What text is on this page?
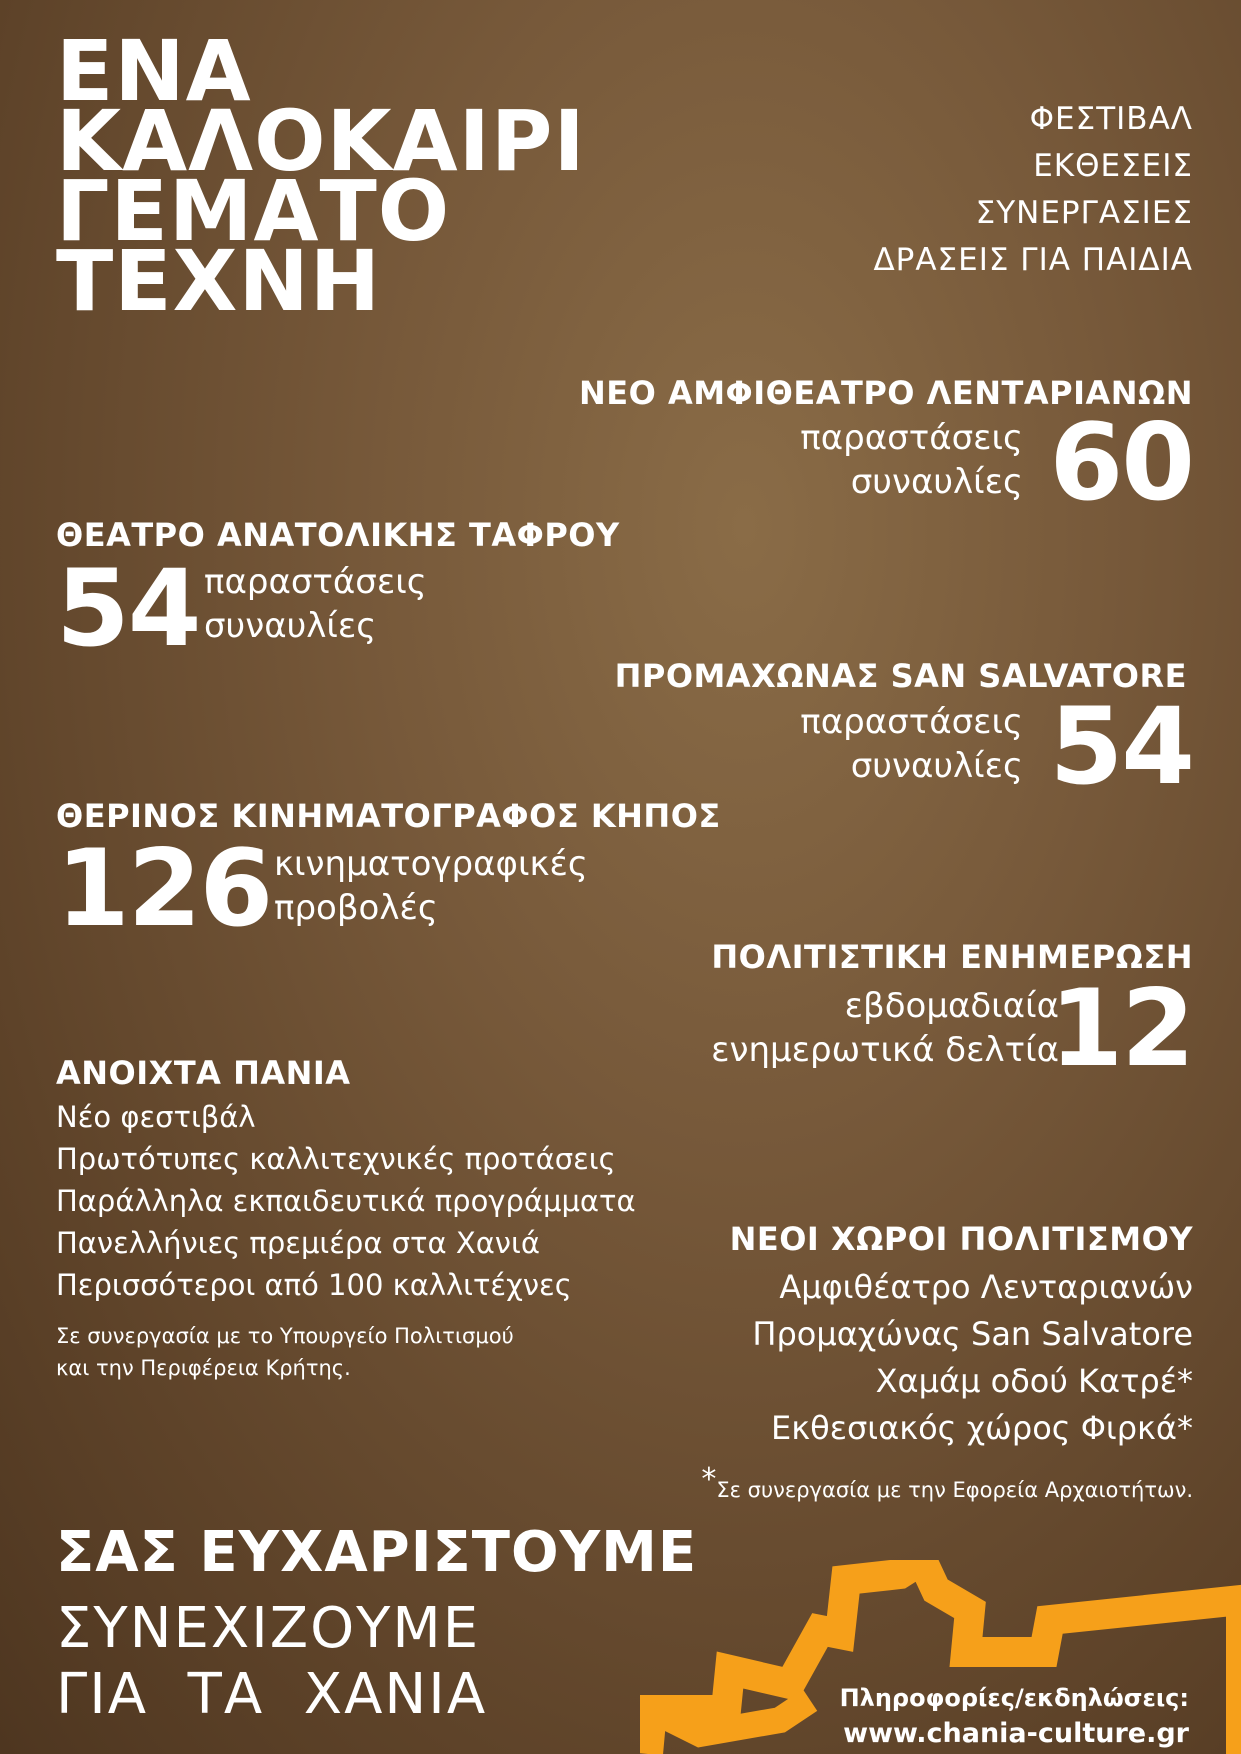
ΕΝΑ
ΚΑΛΟΚΑΙΡΙ
ΓΕΜΑΤΟ
ΤΕΧΝΗ
ΦΕΣΤΙΒΑΛ
ΕΚΘΕΣΕΙΣ
ΣΥΝΕΡΓΑΣΙΕΣ
ΔΡΑΣΕΙΣ ΓΙΑ ΠΑΙΔΙΑ
ΝΕΟ ΑΜΦΙΘΕΑΤΡΟ ΛΕΝΤΑΡΙΑΝΩΝ
παραστάσεις
συναυλίες 60
ΘΕΑΤΡΟ ΑΝΑΤΟΛΙΚΗΣ ΤΑΦΡΟΥ
54 παραστάσεις
συναυλίες
ΠΡΟΜΑΧΩΝΑΣ SAN SALVATORE
παραστάσεις
συναυλίες 54
ΘΕΡΙΝΟΣ ΚΙΝΗΜΑΤΟΓΡΑΦΟΣ ΚΗΠΟΣ
126 κινηματογραφικές
προβολές
ΠΟΛΙΤΙΣΤΙΚΗ ΕΝΗΜΕΡΩΣΗ
εβδομαδιαία
ενημερωτικά δελτία
12
ΑΝΟΙΧΤΑ ΠΑΝΙΑ
Νέο φεστιβάλ
Πρωτότυπες καλλιτεχνικές προτάσεις
Παράλληλα εκπαιδευτικά προγράμματα
Πανελλήνιες πρεμιέρα στα Χανιά
Περισσότεροι από 100 καλλιτέχνες
Σε συνεργασία με το Υπουργείο Πολιτισμού
και την Περιφέρεια Κρήτης.
ΝΕΟΙ ΧΩΡΟΙ ΠΟΛΙΤΙΣΜΟΥ
Αμφιθέατρο Λενταριανών
Προμαχώνας San Salvatore
Χαμάμ οδού Κατρέ*
Εκθεσιακός χώρος Φιρκά*
*Σε συνεργασία με την Εφορεία Αρχαιοτήτων.
ΣΑΣ ΕΥΧΑΡΙΣΤΟΥΜΕ
ΣΥΝΕΧΙΖΟΥΜΕ
ΓΙΑ  ΤΑ  ΧΑΝΙΑ	Πληροφορίες/εκδηλώσεις:
www.chania-culture.gr
